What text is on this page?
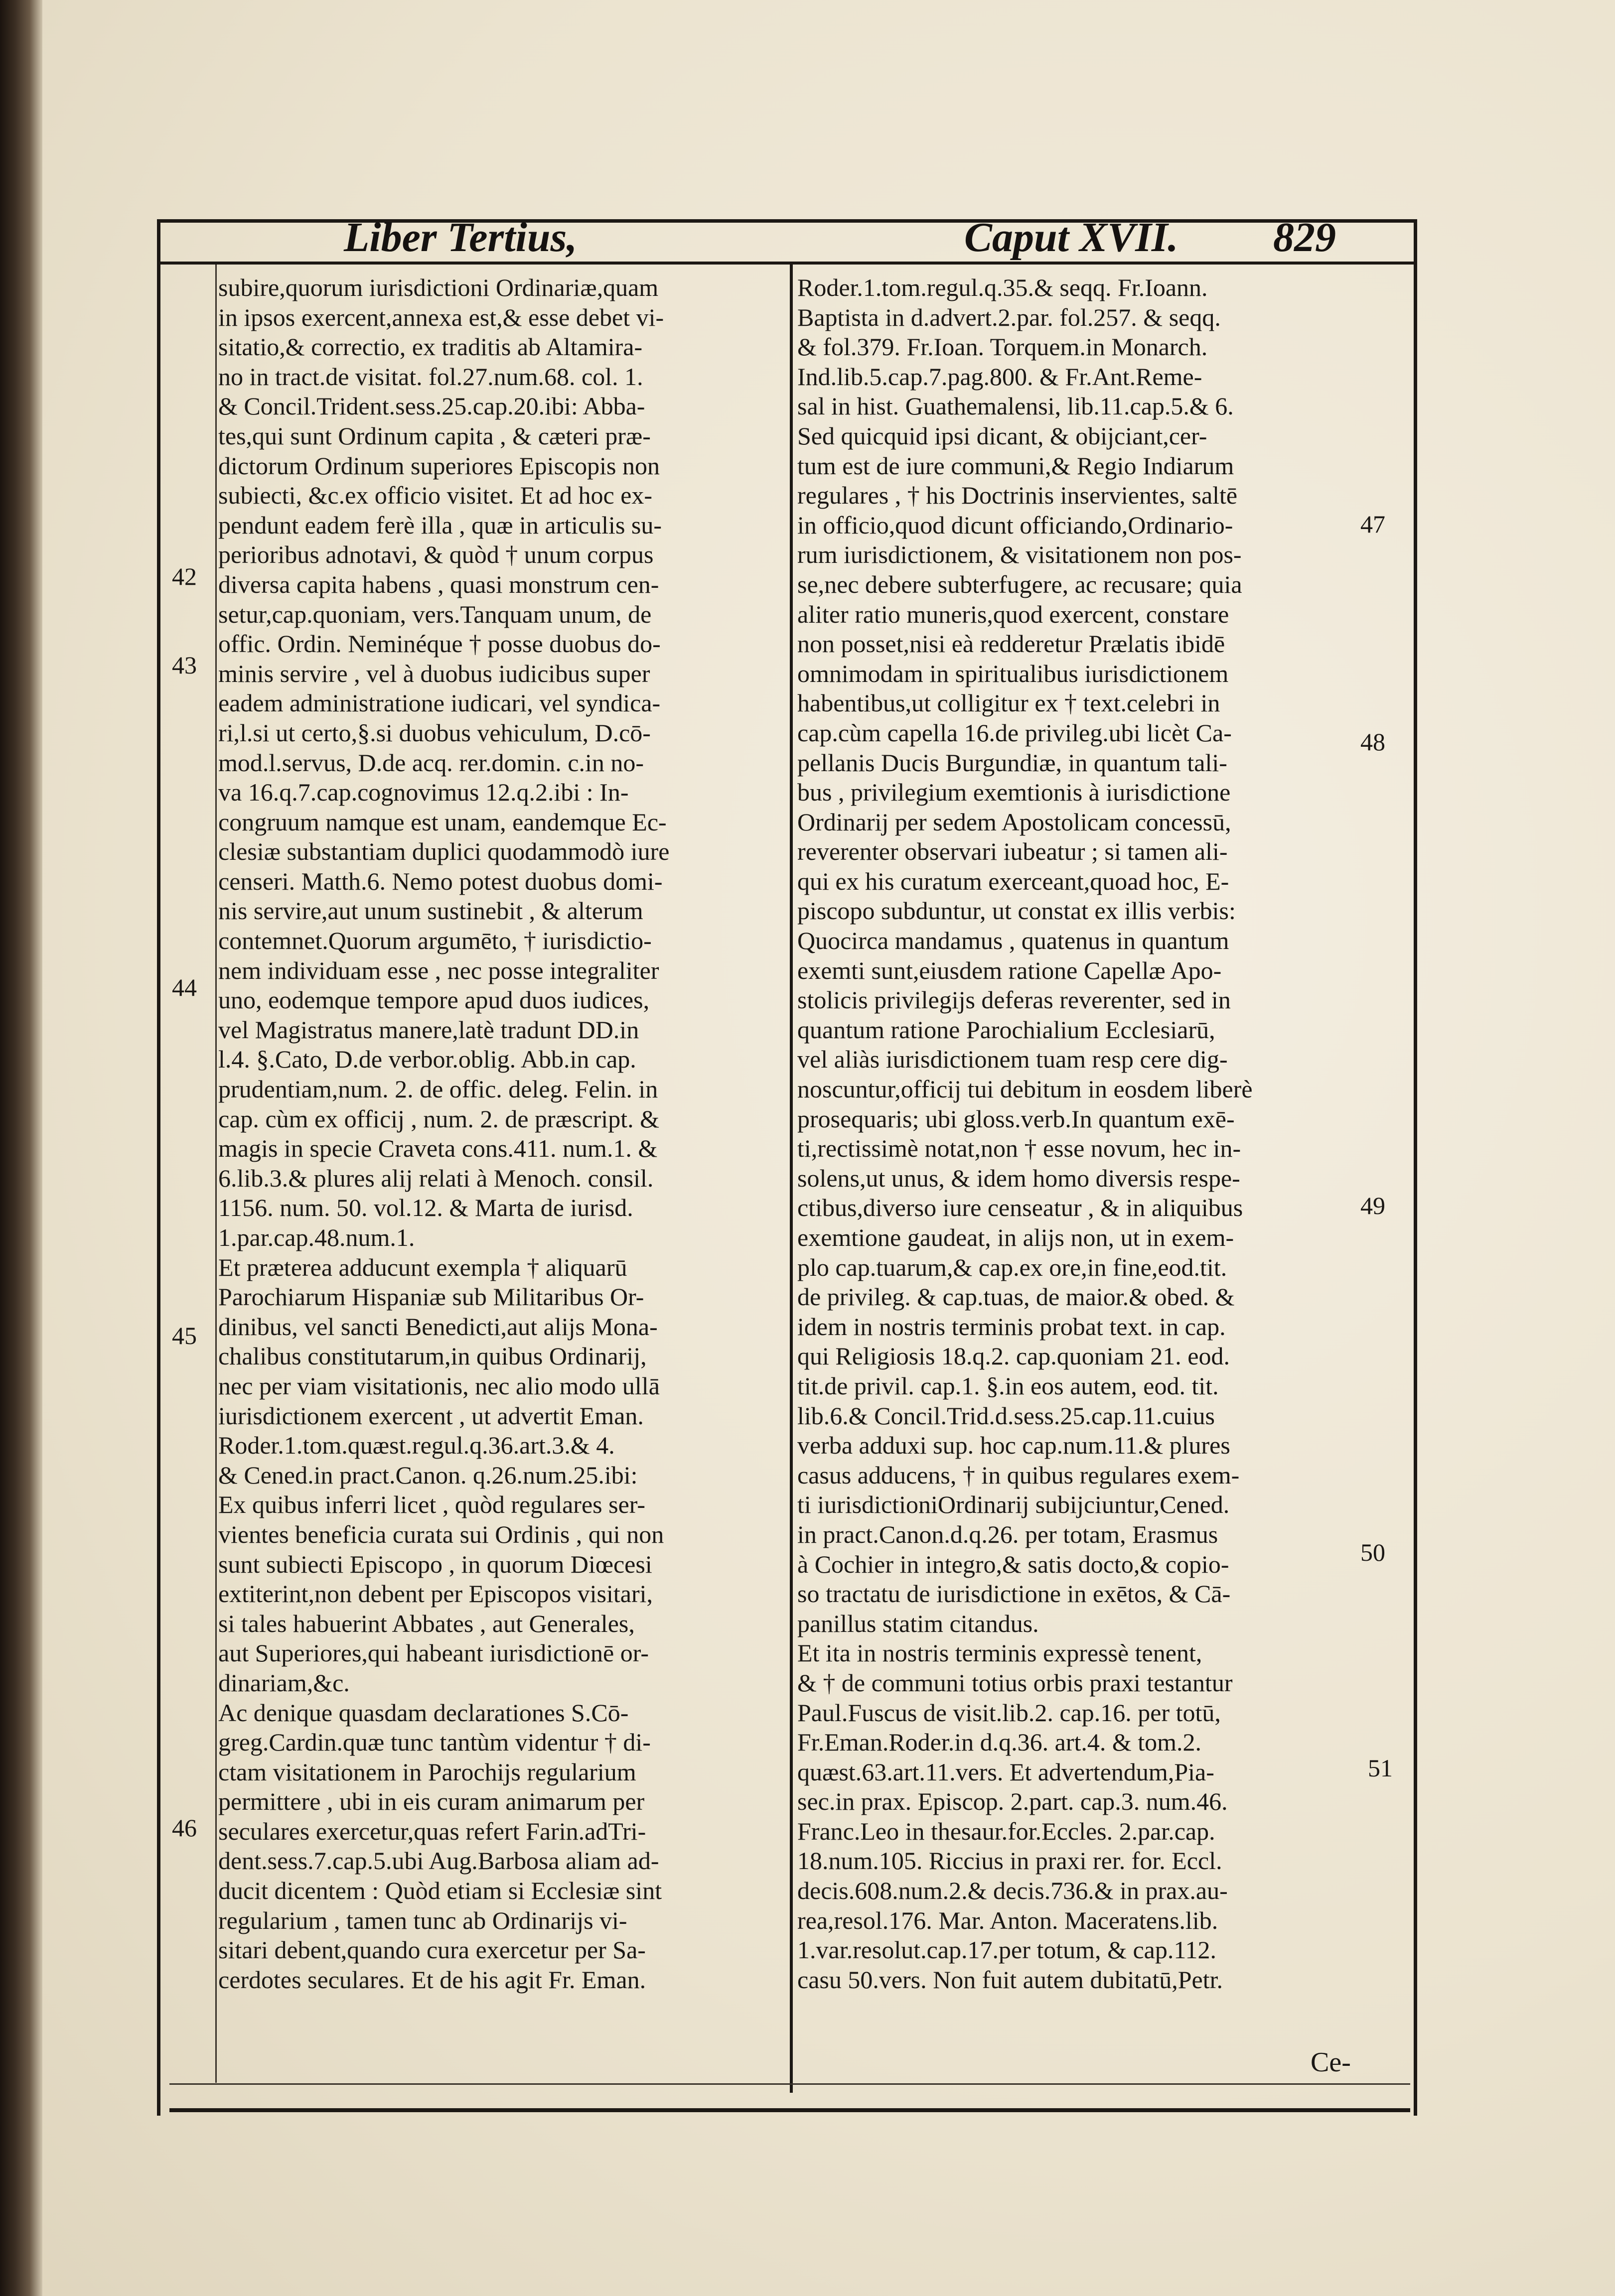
Liber Tertius,	Caput XVII. 829
subire,quorum iurisdictioni Ordinariæ,quam
in ipsos exercent,annexa est,& esse debet vi-
sitatio,& correctio, ex traditis ab Altamira-
no in tract.de visitat. fol.27.num.68. col. 1.
& Concil.Trident.sess.25.cap.20.ibi: Abba-
tes,qui sunt Ordinum capita , & cæteri præ-
dictorum Ordinum superiores Episcopis non
subiecti, &c.ex officio visitet. Et ad hoc ex-
pendunt eadem ferè illa , quæ in articulis su-
perioribus adnotavi, & quòd † unum corpus
diversa capita habens , quasi monstrum cen-
setur,cap.quoniam, vers.Tanquam unum, de
offic. Ordin. Neminéque † posse duobus do-
minis servire , vel à duobus iudicibus super
eadem administratione iudicari, vel syndica-
ri,l.si ut certo,§.si duobus vehiculum, D.cō-
mod.l.servus, D.de acq. rer.domin. c.in no-
va 16.q.7.cap.cognovimus 12.q.2.ibi : In-
congruum namque est unam, eandemque Ec-
clesiæ substantiam duplici quodammodò iure
censeri. Matth.6. Nemo potest duobus domi-
nis servire,aut unum sustinebit , & alterum
contemnet.Quorum argumēto, † iurisdictio-
nem individuam esse , nec posse integraliter
uno, eodemque tempore apud duos iudices,
vel Magistratus manere,latè tradunt DD.in
l.4. §.Cato, D.de verbor.oblig. Abb.in cap.
prudentiam,num. 2. de offic. deleg. Felin. in
cap. cùm ex officij , num. 2. de præscript. &
magis in specie Craveta cons.411. num.1. &
6.lib.3.& plures alij relati à Menoch. consil.
1156. num. 50. vol.12. & Marta de iurisd.
1.par.cap.48.num.1.
Et præterea adducunt exempla † aliquarū
Parochiarum Hispaniæ sub Militaribus Or-
dinibus, vel sancti Benedicti,aut alijs Mona-
chalibus constitutarum,in quibus Ordinarij,
nec per viam visitationis, nec alio modo ullā
iurisdictionem exercent , ut advertit Eman.
Roder.1.tom.quæst.regul.q.36.art.3.& 4.
& Cened.in pract.Canon. q.26.num.25.ibi:
Ex quibus inferri licet , quòd regulares ser-
vientes beneficia curata sui Ordinis , qui non
sunt subiecti Episcopo , in quorum Diœcesi
extiterint,non debent per Episcopos visitari,
si tales habuerint Abbates , aut Generales,
aut Superiores,qui habeant iurisdictionē or-
dinariam,&c.
Ac denique quasdam declarationes S.Cō-
greg.Cardin.quæ tunc tantùm videntur † di-
ctam visitationem in Parochijs regularium
permittere , ubi in eis curam animarum per
seculares exercetur,quas refert Farin.adTri-
dent.sess.7.cap.5.ubi Aug.Barbosa aliam ad-
ducit dicentem : Quòd etiam si Ecclesiæ sint
regularium , tamen tunc ab Ordinarijs vi-
sitari debent,quando cura exercetur per Sa-
cerdotes seculares. Et de his agit Fr. Eman.
Roder.1.tom.regul.q.35.& seqq. Fr.Ioann.
Baptista in d.advert.2.par. fol.257. & seqq.
& fol.379. Fr.Ioan. Torquem.in Monarch.
Ind.lib.5.cap.7.pag.800. & Fr.Ant.Reme-
sal in hist. Guathemalensi, lib.11.cap.5.& 6.
Sed quicquid ipsi dicant, & obijciant,cer-
tum est de iure communi,& Regio Indiarum
regulares , † his Doctrinis inservientes, saltē
in officio,quod dicunt officiando,Ordinario-
rum iurisdictionem, & visitationem non pos-
se,nec debere subterfugere, ac recusare; quia
aliter ratio muneris,quod exercent, constare
non posset,nisi eà redderetur Prælatis ibidē
omnimodam in spiritualibus iurisdictionem
habentibus,ut colligitur ex † text.celebri in
cap.cùm capella 16.de privileg.ubi licèt Ca-
pellanis Ducis Burgundiæ, in quantum tali-
bus , privilegium exemtionis à iurisdictione
Ordinarij per sedem Apostolicam concessū,
reverenter observari iubeatur ; si tamen ali-
qui ex his curatum exerceant,quoad hoc, E-
piscopo subduntur, ut constat ex illis verbis:
Quocirca mandamus , quatenus in quantum
exemti sunt,eiusdem ratione Capellæ Apo-
stolicis privilegijs deferas reverenter, sed in
quantum ratione Parochialium Ecclesiarū,
vel aliàs iurisdictionem tuam resp cere dig-
noscuntur,officij tui debitum in eosdem liberè
prosequaris; ubi gloss.verb.In quantum exē-
ti,rectissimè notat,non † esse novum, hec in-
solens,ut unus, & idem homo diversis respe-
ctibus,diverso iure censeatur , & in aliquibus
exemtione gaudeat, in alijs non, ut in exem-
plo cap.tuarum,& cap.ex ore,in fine,eod.tit.
de privileg. & cap.tuas, de maior.& obed. &
idem in nostris terminis probat text. in cap.
qui Religiosis 18.q.2. cap.quoniam 21. eod.
tit.de privil. cap.1. §.in eos autem, eod. tit.
lib.6.& Concil.Trid.d.sess.25.cap.11.cuius
verba adduxi sup. hoc cap.num.11.& plures
casus adducens, † in quibus regulares exem-
ti iurisdictioniOrdinarij subijciuntur,Cened.
in pract.Canon.d.q.26. per totam, Erasmus
à Cochier in integro,& satis docto,& copio-
so tractatu de iurisdictione in exētos, & Cā-
panillus statim citandus.
Et ita in nostris terminis expressè tenent,
& † de communi totius orbis praxi testantur
Paul.Fuscus de visit.lib.2. cap.16. per totū,
Fr.Eman.Roder.in d.q.36. art.4. & tom.2.
quæst.63.art.11.vers. Et advertendum,Pia-
sec.in prax. Episcop. 2.part. cap.3. num.46.
Franc.Leo in thesaur.for.Eccles. 2.par.cap.
18.num.105. Riccius in praxi rer. for. Eccl.
decis.608.num.2.& decis.736.& in prax.au-
rea,resol.176. Mar. Anton. Maceratens.lib.
1.var.resolut.cap.17.per totum, & cap.112.
casu 50.vers. Non fuit autem dubitatū,Petr.
42
43
44
45
46
47
48
49
50
51
Ce-
